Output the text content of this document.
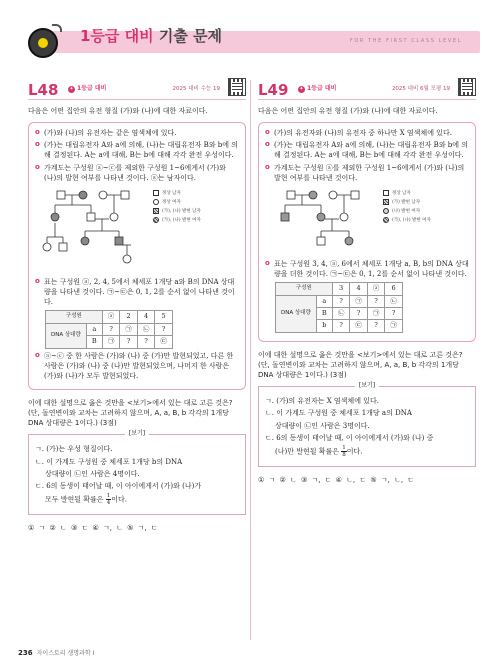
1등급 대비 기출 문제	FOR THE FIRST CLASS LEVEL
L48 ✦ 1등급 대비	2025 대비 수능 19
다음은 어떤 집안의 유전 형질 (가)와 (나)에 대한 자료이다.
o (가)와 (나)의 유전자는 같은 염색체에 있다.
o (가)는 대립유전자 A와 a에 의해, (나)는 대립유전자 B와 b에 의해 결정된다. A는 a에 대해, B는 b에 대해 각각 완전 우성이다.
o 가계도는 구성원 ⓐ~ⓒ를 제외한 구성원 1~6에게서 (가)와 (나)의 발현 여부를 나타낸 것이다. ⓐ는 남자이다.
정상 남자
정상 여자
(가), (나) 발현 남자
(가), (나) 발현 여자
o 표는 구성원 ⓐ, 2, 4, 5에서 체세포 1개당 a와 B의 DNA 상대량을 나타낸 것이다. ㉠~㉢은 0, 1, 2를 순서 없이 나타낸 것이다.
구성원		ⓐ	2	4	5
DNA 상대량	a	?	㉠	㉡	?
	B	㉠	?	?	㉢
o ⓐ~ⓒ 중 한 사람은 (가)와 (나) 중 (가)만 발현되었고, 다른 한 사람은 (가)와 (나) 중 (나)만 발현되었으며, 나머지 한 사람은 (가)와 (나)가 모두 발현되었다.
이에 대한 설명으로 옳은 것만을 <보기>에서 있는 대로 고른 것은? (단, 돌연변이와 교차는 고려하지 않으며, A, a, B, b 각각의 1개당 DNA 상대량은 1이다.) (3점)
[보기]

ㄱ. (가)는 우성 형질이다.

ㄴ. 이 가계도 구성원 중 체세포 1개당 b의 DNA

상대량이 ㉡인 사람은 4명이다.

ㄷ. 6의 동생이 태어날 때, 이 아이에게서 (가)와 (나)가

모두 발현될 확률은 $\frac{1}{4}$ 이다.

① ㄱ ② ㄴ ③ ㄷ ④ ㄱ, ㄴ ⑤ ㄱ, ㄷ
L49 ✦ 1등급 대비	2025 대비 6월 모평 19
다음은 어떤 집안의 유전 형질 (가)와 (나)에 대한 자료이다.
o (가)의 유전자와 (나)의 유전자 중 하나만 X 염색체에 있다.
o (가)는 대립유전자 A와 a에 의해, (나)는 대립유전자 B와 b에 의해 결정된다. A는 a에 대해, B는 b에 대해 각각 완전 우성이다.
o 가계도는 구성원 ⓐ를 제외한 구성원 1~6에게서 (가)와 (나)의 발현 여부를 나타낸 것이다.
정상 남자
(가) 발현 남자
(나) 발현 여자
(가), (나) 발현 여자
o 표는 구성원 3, 4, ⓐ, 6에서 체세포 1개당 a, B, b의 DNA 상대량을 더한 것이다. ㉠~㉢은 0, 1, 2를 순서 없이 나타낸 것이다.
구성원		3	4	ⓐ	6
DNA 상대량	a	?	㉠	?	㉡
	B	㉡	?	㉠	?
	b	?	㉢	?	㉠
이에 대한 설명으로 옳은 것만을 <보기>에서 있는 대로 고른 것은? (단, 돌연변이와 교차는 고려하지 않으며, A, a, B, b 각각의 1개당 DNA 상대량은 1이다.) (3점)
[보기]

ㄱ. (가)의 유전자는 X 염색체에 있다.

ㄴ. 이 가계도 구성원 중 체세포 1개당 a의 DNA

상대량이 ㉡인 사람은 3명이다.

ㄷ. 6의 동생이 태어날 때, 이 아이에게서 (가)와 (나) 중

(나)만 발현될 확률은 $\frac{1}{8}$ 이다.

① ㄱ ② ㄴ ③ ㄱ, ㄷ ④ ㄴ, ㄷ ⑤ ㄱ, ㄴ, ㄷ
236 자이스토리 생명과학 I
